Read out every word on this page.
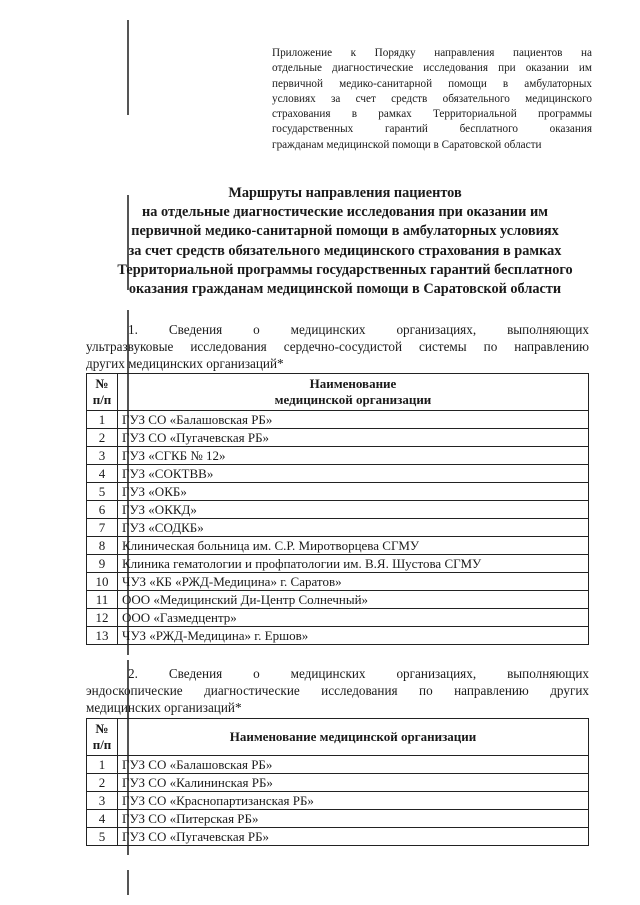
Приложение к Порядку направления пациентов на
отдельные диагностические исследования при оказании им
первичной медико-санитарной помощи в амбулаторных
условиях за счет средств обязательного медицинского
страхования в рамках Территориальной программы
государственных гарантий бесплатного оказания
гражданам медицинской помощи в Саратовской области
Маршруты направления пациентов
на отдельные диагностические исследования при оказании им
первичной медико-санитарной помощи в амбулаторных условиях
за счет средств обязательного медицинского страхования в рамках
Территориальной программы государственных гарантий бесплатного
оказания гражданам медицинской помощи в Саратовской области
1. Сведения о медицинских организациях, выполняющих
ультразвуковые исследования сердечно-сосудистой системы по направлению
других медицинских организаций*
№
п/п	Наименование
медицинской организации

1	ГУЗ СО «Балашовская РБ»
2	ГУЗ СО «Пугачевская РБ»
3	ГУЗ «СГКБ № 12»
4	ГУЗ «СОКТВВ»
5	ГУЗ «ОКБ»
6	ГУЗ «ОККД»
7	ГУЗ «СОДКБ»
8	Клиническая больница им. С.Р. Миротворцева СГМУ
9	Клиника гематологии и профпатологии им. В.Я. Шустова СГМУ
10	ЧУЗ «КБ «РЖД-Медицина» г. Саратов»
11	ООО «Медицинский Ди-Центр Солнечный»
12	ООО «Газмедцентр»
13	ЧУЗ «РЖД-Медицина» г. Ершов»
2. Сведения о медицинских организациях, выполняющих
эндоскопические диагностические исследования по направлению других
медицинских организаций*
№
п/п	Наименование медицинской организации
1	ГУЗ СО «Балашовская РБ»
2	ГУЗ СО «Калининская РБ»
3	ГУЗ СО «Краснопартизанская РБ»
4	ГУЗ СО «Питерская РБ»
5	ГУЗ СО «Пугачевская РБ»
